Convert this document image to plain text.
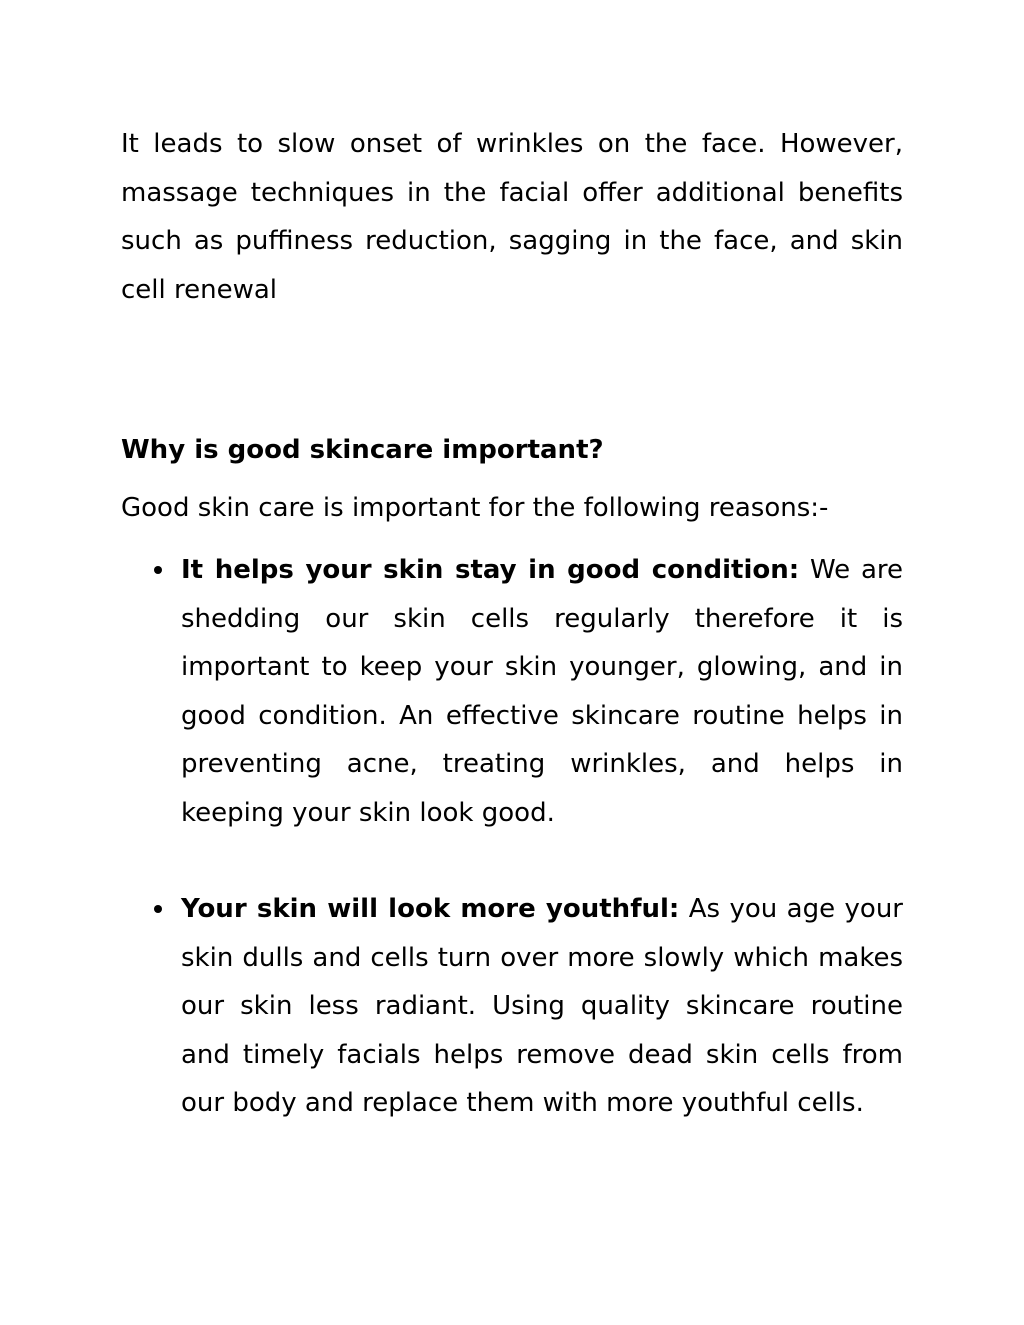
It leads to slow onset of wrinkles on the face. However, massage techniques in the facial offer additional benefits such as puffiness reduction, sagging in the face, and skin cell renewal

Why is good skincare important?

Good skin care is important for the following reasons:-

It helps your skin stay in good condition: We are shedding our skin cells regularly therefore it is important to keep your skin younger, glowing, and in good condition. An effective skincare routine helps in preventing acne, treating wrinkles, and helps in keeping your skin look good.
Your skin will look more youthful: As you age your skin dulls and cells turn over more slowly which makes our skin less radiant. Using quality skincare routine and timely facials helps remove dead skin cells from our body and replace them with more youthful cells.
